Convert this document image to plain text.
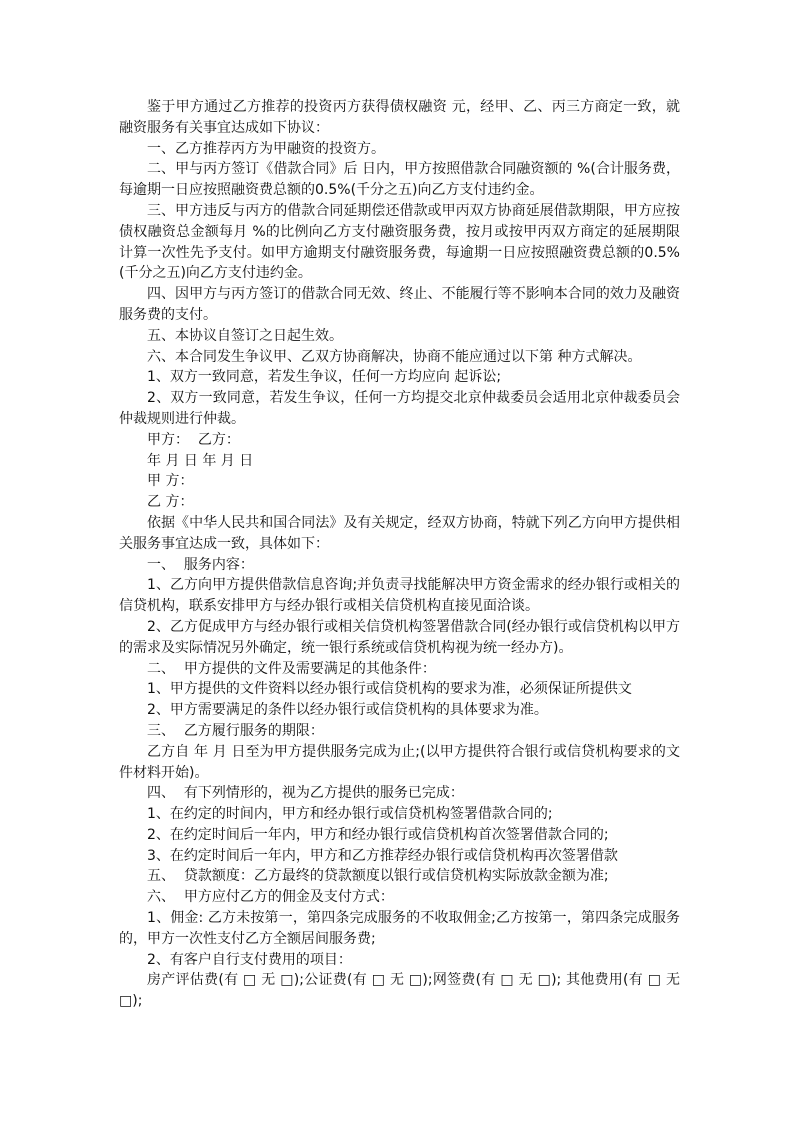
鉴于甲方通过乙方推荐的投资丙方获得债权融资 元，经甲、乙、丙三方商定一致，就融资服务有关事宜达成如下协议：

一、乙方推荐丙方为甲融资的投资方。

二、甲与丙方签订《借款合同》后 日内，甲方按照借款合同融资额的 %(合计服务费，每逾期一日应按照融资费总额的0.5%(千分之五)向乙方支付违约金。

三、甲方违反与丙方的借款合同延期偿还借款或甲丙双方协商延展借款期限，甲方应按债权融资总金额每月 %的比例向乙方支付融资服务费，按月或按甲丙双方商定的延展期限计算一次性先予支付。如甲方逾期支付融资服务费，每逾期一日应按照融资费总额的0.5%(千分之五)向乙方支付违约金。

四、因甲方与丙方签订的借款合同无效、终止、不能履行等不影响本合同的效力及融资服务费的支付。

五、本协议自签订之日起生效。

六、本合同发生争议甲、乙双方协商解决，协商不能应通过以下第 种方式解决。

1、双方一致同意，若发生争议，任何一方均应向 起诉讼;

2、双方一致同意，若发生争议，任何一方均提交北京仲裁委员会适用北京仲裁委员会仲裁规则进行仲裁。

甲方：  乙方：

年 月 日 年 月 日

甲 方：

乙 方：

依据《中华人民共和国合同法》及有关规定，经双方协商，特就下列乙方向甲方提供相关服务事宜达成一致，具体如下：

一、  服务内容：

1、乙方向甲方提供借款信息咨询;并负责寻找能解决甲方资金需求的经办银行或相关的信贷机构，联系安排甲方与经办银行或相关信贷机构直接见面洽谈。

2、乙方促成甲方与经办银行或相关信贷机构签署借款合同(经办银行或信贷机构以甲方的需求及实际情况另外确定，统一银行系统或信贷机构视为统一经办方)。

二、  甲方提供的文件及需要满足的其他条件：

1、甲方提供的文件资料以经办银行或信贷机构的要求为准，必须保证所提供文

2、甲方需要满足的条件以经办银行或信贷机构的具体要求为准。

三、  乙方履行服务的期限：

乙方自 年 月 日至为甲方提供服务完成为止;(以甲方提供符合银行或信贷机构要求的文件材料开始)。

四、  有下列情形的，视为乙方提供的服务已完成：

1、在约定的时间内，甲方和经办银行或信贷机构签署借款合同的;

2、在约定时间后一年内，甲方和经办银行或信贷机构首次签署借款合同的;

3、在约定时间后一年内，甲方和乙方推荐经办银行或信贷机构再次签署借款

五、  贷款额度：乙方最终的贷款额度以银行或信贷机构实际放款金额为准;

六、  甲方应付乙方的佣金及支付方式：

1、佣金: 乙方未按第一，第四条完成服务的不收取佣金;乙方按第一，第四条完成服务的，甲方一次性支付乙方全额居间服务费;

2、有客户自行支付费用的项目：

房产评估费(有 □ 无 □);公证费(有 □ 无 □);网签费(有 □ 无 □); 其他费用(有 □ 无 □);
